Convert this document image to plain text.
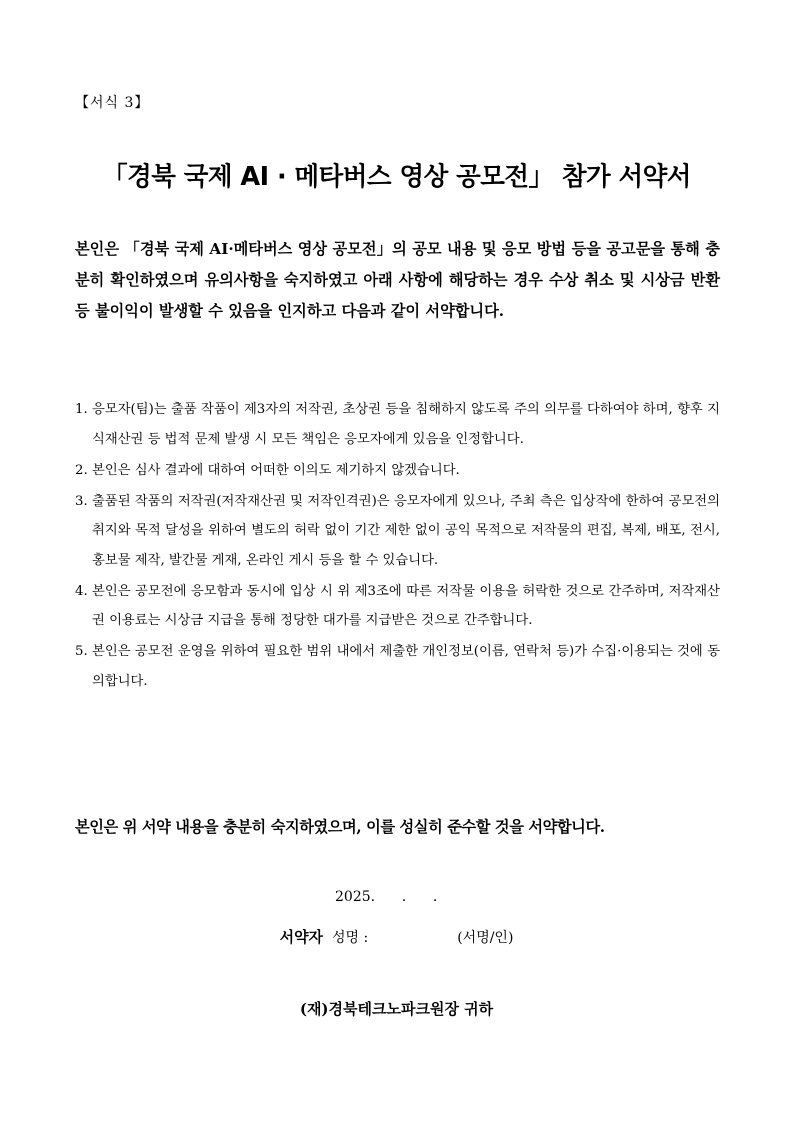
【서식 3】
「경북 국제 AI · 메타버스 영상 공모전」 참가 서약서
본인은 「경북 국제 AI·메타버스 영상 공모전」의 공모 내용 및 응모 방법 등을 공고문을 통해 충분히 확인하였으며 유의사항을 숙지하였고 아래 사항에 해당하는 경우 수상 취소 및 시상금 반환 등 불이익이 발생할 수 있음을 인지하고 다음과 같이 서약합니다.
1. 응모자(팀)는 출품 작품이 제3자의 저작권, 초상권 등을 침해하지 않도록 주의 의무를 다하여야 하며, 향후 지식재산권 등 법적 문제 발생 시 모든 책임은 응모자에게 있음을 인정합니다.
2. 본인은 심사 결과에 대하여 어떠한 이의도 제기하지 않겠습니다.
3. 출품된 작품의 저작권(저작재산권 및 저작인격권)은 응모자에게 있으나, 주최 측은 입상작에 한하여 공모전의 취지와 목적 달성을 위하여 별도의 허락 없이 기간 제한 없이 공익 목적으로 저작물의 편집, 복제, 배포, 전시, 홍보물 제작, 발간물 게재, 온라인 게시 등을 할 수 있습니다.
4. 본인은 공모전에 응모함과 동시에 입상 시 위 제3조에 따른 저작물 이용을 허락한 것으로 간주하며, 저작재산권 이용료는 시상금 지급을 통해 정당한 대가를 지급받은 것으로 간주합니다.
5. 본인은 공모전 운영을 위하여 필요한 범위 내에서 제출한 개인정보(이름, 연락처 등)가 수집·이용되는 것에 동의합니다.
본인은 위 서약 내용을 충분히 숙지하였으며, 이를 성실히 준수할 것을 서약합니다.
2025.      .      .
서약자 성명 :	(서명/인)
(재)경북테크노파크원장 귀하
